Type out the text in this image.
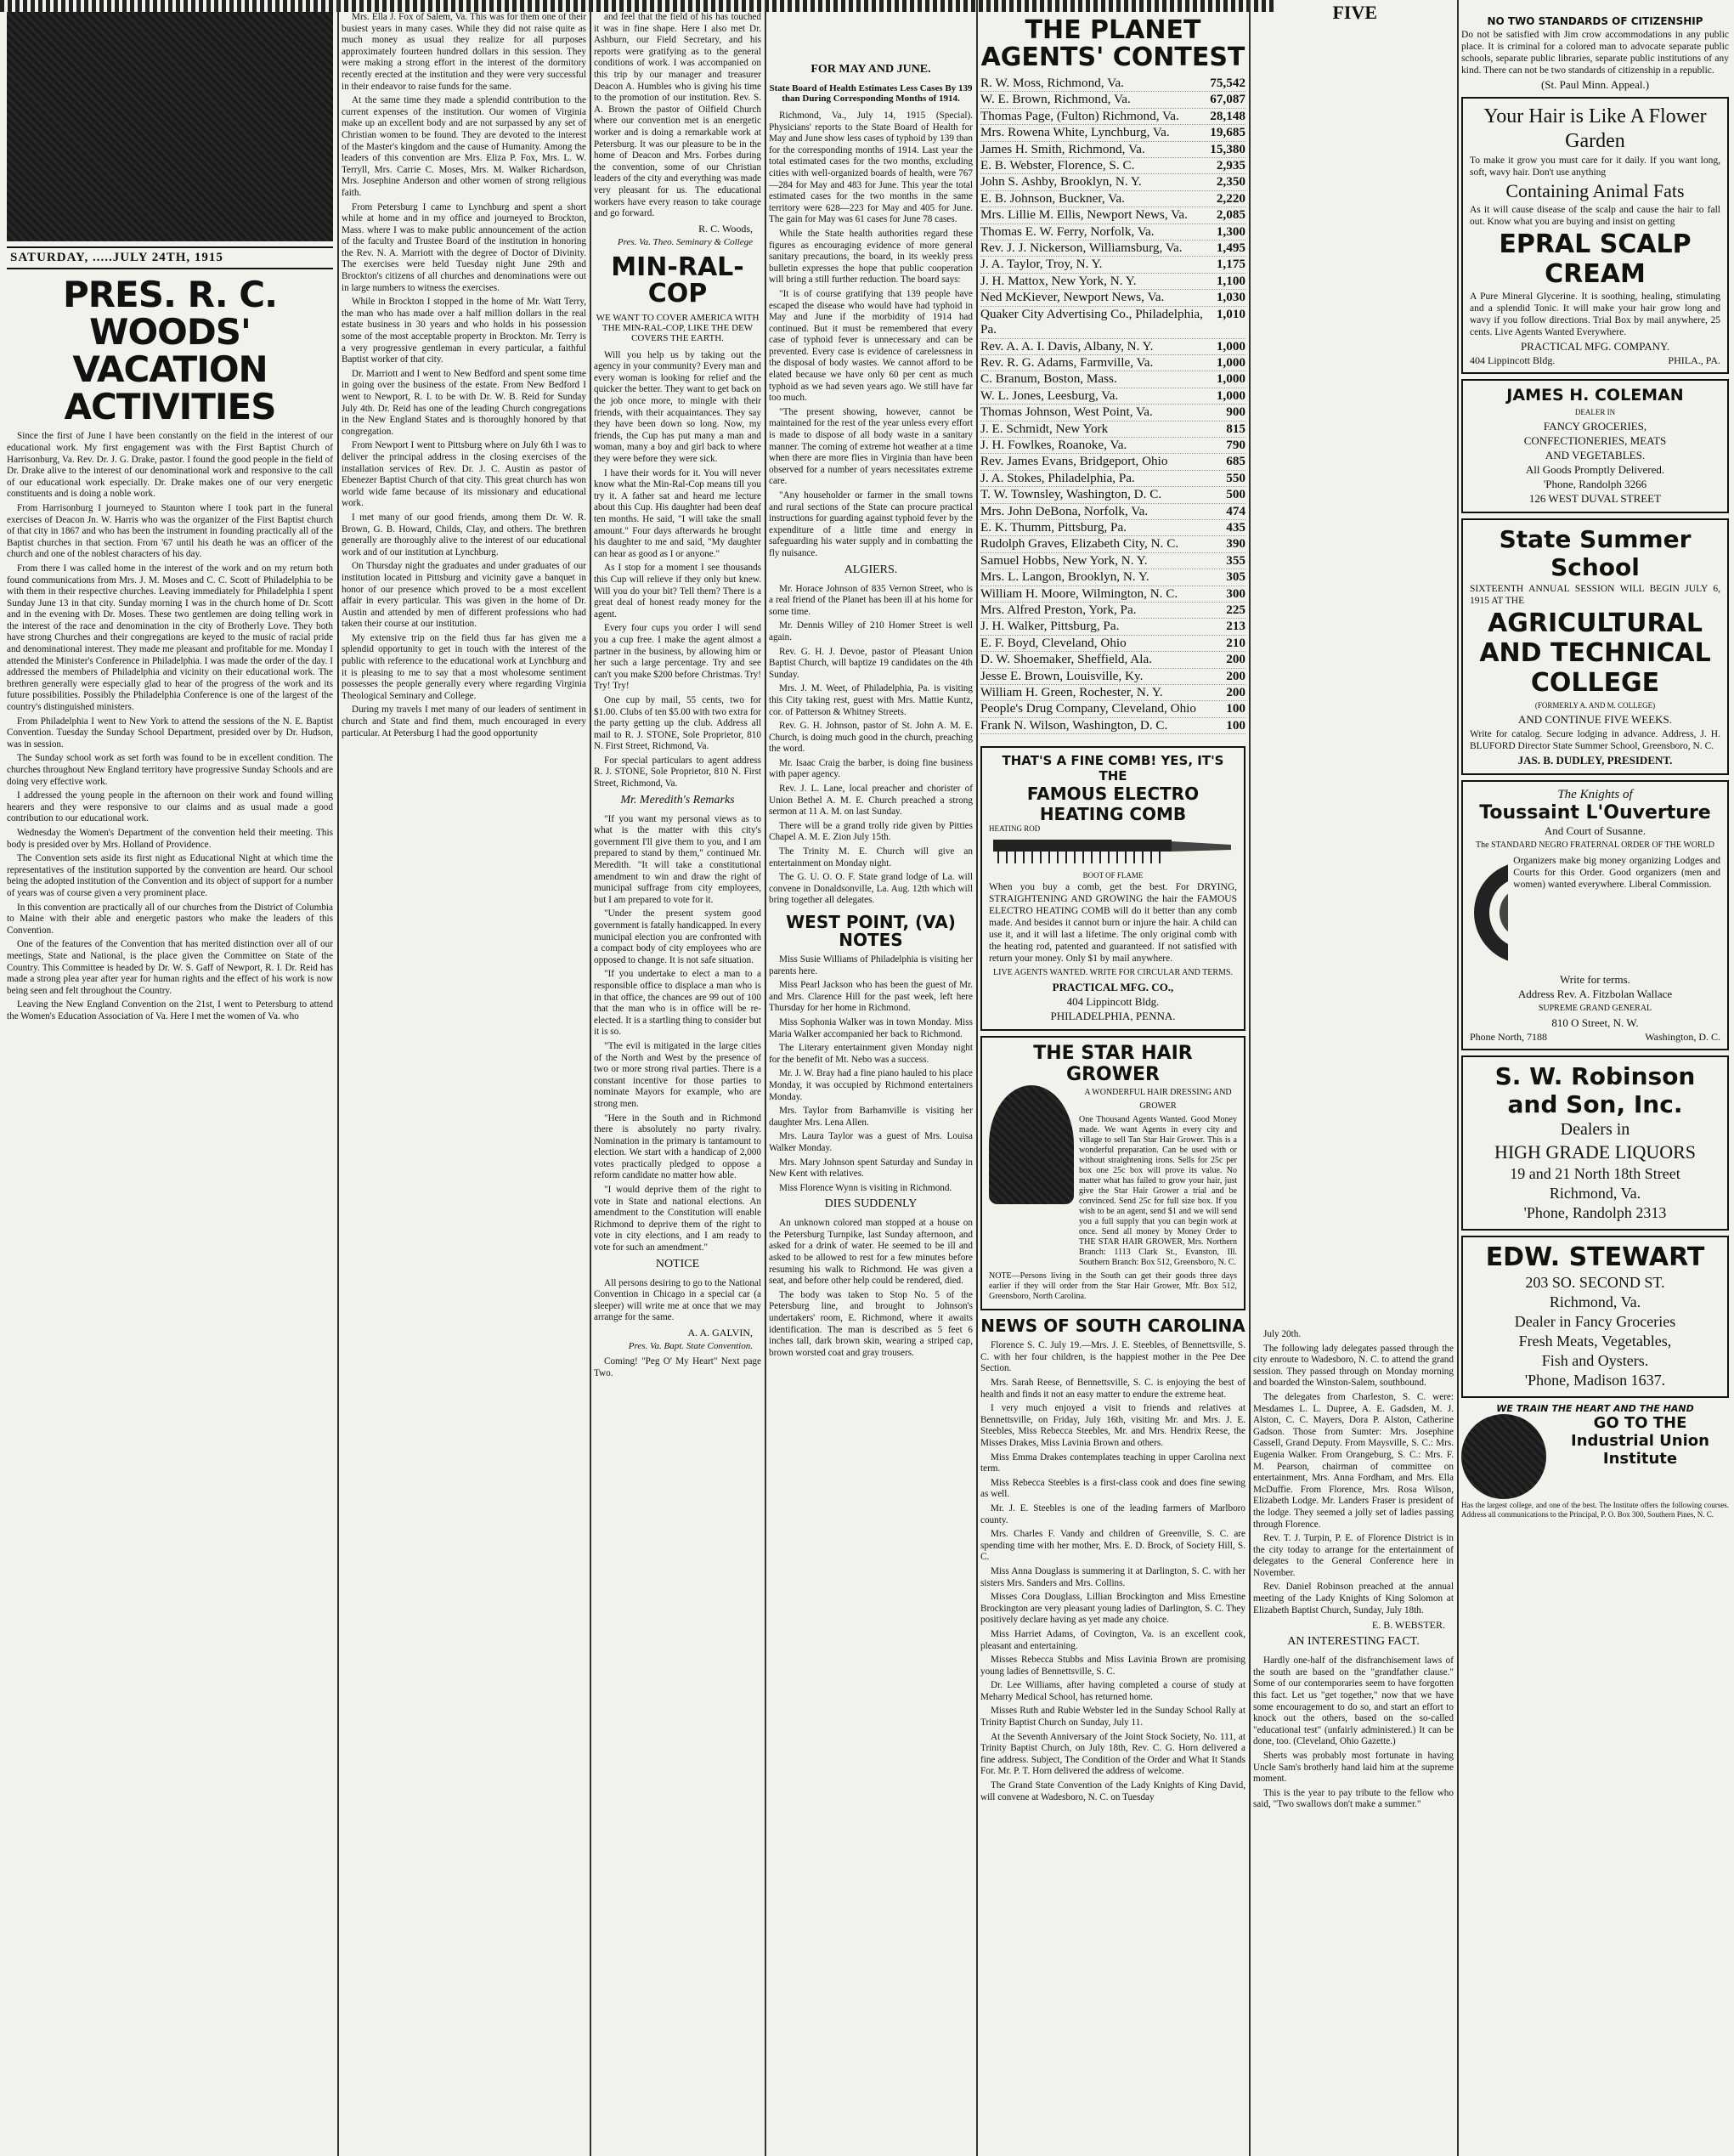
FIVE
SATURDAY, .....JULY 24TH, 1915
PRES. R. C. WOODS' VACATION ACTIVITIES

Since the first of June I have been constantly on the field in the interest of our educational work. My first engagement was with the First Baptist Church of Harrisonburg, Va. Rev. Dr. J. G. Drake, pastor. I found the good people in the field of Dr. Drake alive to the interest of our denominational work and responsive to the call of our educational work especially. Dr. Drake makes one of our very energetic constituents and is doing a noble work.

From Harrisonburg I journeyed to Staunton where I took part in the funeral exercises of Deacon Jn. W. Harris who was the organizer of the First Baptist church of that city in 1867 and who has been the instrument in founding practically all of the Baptist churches in that section. From '67 until his death he was an officer of the church and one of the noblest characters of his day.

From there I was called home in the interest of the work and on my return both found communications from Mrs. J. M. Moses and C. C. Scott of Philadelphia to be with them in their respective churches. Leaving immediately for Philadelphia I spent Sunday June 13 in that city. Sunday morning I was in the church home of Dr. Scott and in the evening with Dr. Moses. These two gentlemen are doing telling work in the interest of the race and denomination in the city of Brotherly Love. They both have strong Churches and their congregations are keyed to the music of racial pride and denominational interest. They made me pleasant and profitable for me. Monday I attended the Minister's Conference in Philadelphia. I was made the order of the day. I addressed the members of Philadelphia and vicinity on their educational work. The brethren generally were especially glad to hear of the progress of the work and its future possibilities. Possibly the Philadelphia Conference is one of the largest of the country's distinguished ministers.

From Philadelphia I went to New York to attend the sessions of the N. E. Baptist Convention. Tuesday the Sunday School Department, presided over by Dr. Hudson, was in session.

The Sunday school work as set forth was found to be in excellent condition. The churches throughout New England territory have progressive Sunday Schools and are doing very effective work.

I addressed the young people in the afternoon on their work and found willing hearers and they were responsive to our claims and as usual made a good contribution to our educational work.

Wednesday the Women's Department of the convention held their meeting. This body is presided over by Mrs. Holland of Providence.

The Convention sets aside its first night as Educational Night at which time the representatives of the institution supported by the convention are heard. Our school being the adopted institution of the Convention and its object of support for a number of years was of course given a very prominent place.

In this convention are practically all of our churches from the District of Columbia to Maine with their able and energetic pastors who make the leaders of this Convention.

One of the features of the Convention that has merited distinction over all of our meetings, State and National, is the place given the Committee on State of the Country. This Committee is headed by Dr. W. S. Gaff of Newport, R. I. Dr. Reid has made a strong plea year after year for human rights and the effect of his work is now being seen and felt throughout the Country.

Leaving the New England Convention on the 21st, I went to Petersburg to attend the Women's Education Association of Va. Here I met the women of Va. who

Mrs. Ella J. Fox of Salem, Va. This was for them one of their busiest years in many cases. While they did not raise quite as much money as usual they realize for all purposes approximately fourteen hundred dollars in this session. They were making a strong effort in the interest of the dormitory recently erected at the institution and they were very successful in their endeavor to raise funds for the same.

At the same time they made a splendid contribution to the current expenses of the institution. Our women of Virginia make up an excellent body and are not surpassed by any set of Christian women to be found. They are devoted to the interest of the Master's kingdom and the cause of Humanity. Among the leaders of this convention are Mrs. Eliza P. Fox, Mrs. L. W. Terryll, Mrs. Carrie C. Moses, Mrs. M. Walker Richardson, Mrs. Josephine Anderson and other women of strong religious faith.

From Petersburg I came to Lynchburg and spent a short while at home and in my office and journeyed to Brockton, Mass. where I was to make public announcement of the action of the faculty and Trustee Board of the institution in honoring the Rev. N. A. Marriott with the degree of Doctor of Divinity. The exercises were held Tuesday night June 29th and Brockton's citizens of all churches and denominations were out in large numbers to witness the exercises.

While in Brockton I stopped in the home of Mr. Watt Terry, the man who has made over a half million dollars in the real estate business in 30 years and who holds in his possession some of the most acceptable property in Brockton. Mr. Terry is a very progressive gentleman in every particular, a faithful Baptist worker of that city.

Dr. Marriott and I went to New Bedford and spent some time in going over the business of the estate. From New Bedford I went to Newport, R. I. to be with Dr. W. B. Reid for Sunday July 4th. Dr. Reid has one of the leading Church congregations in the New England States and is thoroughly honored by that congregation.

From Newport I went to Pittsburg where on July 6th I was to deliver the principal address in the closing exercises of the installation services of Rev. Dr. J. C. Austin as pastor of Ebenezer Baptist Church of that city. This great church has won world wide fame because of its missionary and educational work.

I met many of our good friends, among them Dr. W. R. Brown, G. B. Howard, Childs, Clay, and others. The brethren generally are thoroughly alive to the interest of our educational work and of our institution at Lynchburg.

On Thursday night the graduates and under graduates of our institution located in Pittsburg and vicinity gave a banquet in honor of our presence which proved to be a most excellent affair in every particular. This was given in the home of Dr. Austin and attended by men of different professions who had taken their course at our institution.

My extensive trip on the field thus far has given me a splendid opportunity to get in touch with the interest of the public with reference to the educational work at Lynchburg and it is pleasing to me to say that a most wholesome sentiment possesses the people generally every where regarding Virginia Theological Seminary and College.

During my travels I met many of our leaders of sentiment in church and State and find them, much encouraged in every particular. At Petersburg I had the good opportunity

and feel that the field of his has touched it was in fine shape. Here I also met Dr. Ashburn, our Field Secretary, and his reports were gratifying as to the general conditions of work. I was accompanied on this trip by our manager and treasurer Deacon A. Humbles who is giving his time to the promotion of our institution. Rev. S. A. Brown the pastor of Oilfield Church where our convention met is an energetic worker and is doing a remarkable work at Petersburg. It was our pleasure to be in the home of Deacon and Mrs. Forbes during the convention, some of our Christian leaders of the city and everything was made very pleasant for us. The educational workers have every reason to take courage and go forward.

R. C. Woods,
Pres. Va. Theo. Seminary & College
MIN-RAL-COP
WE WANT TO COVER AMERICA WITH THE MIN-RAL-COP, LIKE THE DEW COVERS THE EARTH.

Will you help us by taking out the agency in your community? Every man and every woman is looking for relief and the quicker the better. They want to get back on the job once more, to mingle with their friends, with their acquaintances. They say they have been down so long. Now, my friends, the Cup has put many a man and woman, many a boy and girl back to where they were before they were sick.

I have their words for it. You will never know what the Min-Ral-Cop means till you try it. A father sat and heard me lecture about this Cup. His daughter had been deaf ten months. He said, "I will take the small amount." Four days afterwards he brought his daughter to me and said, "My daughter can hear as good as I or anyone."

As I stop for a moment I see thousands this Cup will relieve if they only but knew. Will you do your bit? Tell them? There is a great deal of honest ready money for the agent.

Every four cups you order I will send you a cup free. I make the agent almost a partner in the business, by allowing him or her such a large percentage. Try and see can't you make $200 before Christmas. Try! Try! Try!

One cup by mail, 55 cents, two for $1.00. Clubs of ten $5.00 with two extra for the party getting up the club. Address all mail to R. J. STONE, Sole Proprietor, 810 N. First Street, Richmond, Va.

For special particulars to agent address R. J. STONE, Sole Proprietor, 810 N. First Street, Richmond, Va.

Mr. Meredith's Remarks

"If you want my personal views as to what is the matter with this city's government I'll give them to you, and I am prepared to stand by them," continued Mr. Meredith. "It will take a constitutional amendment to win and draw the right of municipal suffrage from city employees, but I am prepared to vote for it.

"Under the present system good government is fatally handicapped. In every municipal election you are confronted with a compact body of city employees who are opposed to change. It is not safe situation.

"If you undertake to elect a man to a responsible office to displace a man who is in that office, the chances are 99 out of 100 that the man who is in office will be re-elected. It is a startling thing to consider but it is so.

"The evil is mitigated in the large cities of the North and West by the presence of two or more strong rival parties. There is a constant incentive for those parties to nominate Mayors for example, who are strong men.

"Here in the South and in Richmond there is absolutely no party rivalry. Nomination in the primary is tantamount to election. We start with a handicap of 2,000 votes practically pledged to oppose a reform candidate no matter how able.

"I would deprive them of the right to vote in State and national elections. An amendment to the Constitution will enable Richmond to deprive them of the right to vote in city elections, and I am ready to vote for such an amendment."

NOTICE

All persons desiring to go to the National Convention in Chicago in a special car (a sleeper) will write me at once that we may arrange for the same.

A. A. GALVIN,
Pres. Va. Bapt. State Convention.

Coming! "Peg O' My Heart" Next page Two.

FOR MAY AND JUNE.
State Board of Health Estimates Less Cases By 139 than During Corresponding Months of 1914.

Richmond, Va., July 14, 1915 (Special). Physicians' reports to the State Board of Health for May and June show less cases of typhoid by 139 than for the corresponding months of 1914. Last year the total estimated cases for the two months, excluding cities with well-organized boards of health, were 767—284 for May and 483 for June. This year the total estimated cases for the two months in the same territory were 628—223 for May and 405 for June. The gain for May was 61 cases for June 78 cases.

While the State health authorities regard these figures as encouraging evidence of more general sanitary precautions, the board, in its weekly press bulletin expresses the hope that public cooperation will bring a still further reduction. The board says:

"It is of course gratifying that 139 people have escaped the disease who would have had typhoid in May and June if the morbidity of 1914 had continued. But it must be remembered that every case of typhoid fever is unnecessary and can be prevented. Every case is evidence of carelessness in the disposal of body wastes. We cannot afford to be elated because we have only 60 per cent as much typhoid as we had seven years ago. We still have far too much.

"The present showing, however, cannot be maintained for the rest of the year unless every effort is made to dispose of all body waste in a sanitary manner. The coming of extreme hot weather at a time when there are more flies in Virginia than have been observed for a number of years necessitates extreme care.

"Any householder or farmer in the small towns and rural sections of the State can procure practical instructions for guarding against typhoid fever by the expenditure of a little time and energy in safeguarding his water supply and in combatting the fly nuisance.

ALGIERS.

Mr. Horace Johnson of 835 Vernon Street, who is a real friend of the Planet has been ill at his home for some time.

Mr. Dennis Willey of 210 Homer Street is well again.

Rev. G. H. J. Devoe, pastor of Pleasant Union Baptist Church, will baptize 19 candidates on the 4th Sunday.

Mrs. J. M. Weet, of Philadelphia, Pa. is visiting this City taking rest, guest with Mrs. Mattie Kuntz, cor. of Patterson & Whitney Streets.

Rev. G. H. Johnson, pastor of St. John A. M. E. Church, is doing much good in the church, preaching the word.

Mr. Isaac Craig the barber, is doing fine business with paper agency.

Rev. J. L. Lane, local preacher and chorister of Union Bethel A. M. E. Church preached a strong sermon at 11 A. M. on last Sunday.

There will be a grand trolly ride given by Pitties Chapel A. M. E. Zion July 15th.

The Trinity M. E. Church will give an entertainment on Monday night.

The G. U. O. O. F. State grand lodge of La. will convene in Donaldsonville, La. Aug. 12th which will bring together all delegates.

WEST POINT, (VA) NOTES

Miss Susie Williams of Philadelphia is visiting her parents here.

Miss Pearl Jackson who has been the guest of Mr. and Mrs. Clarence Hill for the past week, left here Thursday for her home in Richmond.

Miss Sophonia Walker was in town Monday. Miss Maria Walker accompanied her back to Richmond.

The Literary entertainment given Monday night for the benefit of Mt. Nebo was a success.

Mr. J. W. Bray had a fine piano hauled to his place Monday, it was occupied by Richmond entertainers Monday.

Mrs. Taylor from Barhamville is visiting her daughter Mrs. Lena Allen.

Mrs. Laura Taylor was a guest of Mrs. Louisa Walker Monday.

Mrs. Mary Johnson spent Saturday and Sunday in New Kent with relatives.

Miss Florence Wynn is visiting in Richmond.

DIES SUDDENLY

An unknown colored man stopped at a house on the Petersburg Turnpike, last Sunday afternoon, and asked for a drink of water. He seemed to be ill and asked to be allowed to rest for a few minutes before resuming his walk to Richmond. He was given a seat, and before other help could be rendered, died.

The body was taken to Stop No. 5 of the Petersburg line, and brought to Johnson's undertakers' room, E. Richmond, where it awaits identification. The man is described as 5 feet 6 inches tall, dark brown skin, wearing a striped cap, brown worsted coat and gray trousers.

THE PLANET AGENTS' CONTEST
R. W. Moss, Richmond, Va.	75,542
W. E. Brown, Richmond, Va.	67,087
Thomas Page, (Fulton) Richmond, Va.	28,148
Mrs. Rowena White, Lynchburg, Va.	19,685
James H. Smith, Richmond, Va.	15,380
E. B. Webster, Florence, S. C.	2,935
John S. Ashby, Brooklyn, N. Y.	2,350
E. B. Johnson, Buckner, Va.	2,220
Mrs. Lillie M. Ellis, Newport News, Va.	2,085
Thomas E. W. Ferry, Norfolk, Va.	1,300
Rev. J. J. Nickerson, Williamsburg, Va.	1,495
J. A. Taylor, Troy, N. Y.	1,175
J. H. Mattox, New York, N. Y.	1,100
Ned McKiever, Newport News, Va.	1,030
Quaker City Advertising Co., Philadelphia, Pa.
1,010
Rev. A. A. I. Davis, Albany, N. Y.	1,000
Rev. R. G. Adams, Farmville, Va.	1,000
C. Branum, Boston, Mass.	1,000
W. L. Jones, Leesburg, Va.	1,000
Thomas Johnson, West Point, Va.	900
J. E. Schmidt, New York	815
J. H. Fowlkes, Roanoke, Va.	790
Rev. James Evans, Bridgeport, Ohio	685
J. A. Stokes, Philadelphia, Pa.	550
T. W. Townsley, Washington, D. C.	500
Mrs. John DeBona, Norfolk, Va.	474
E. K. Thumm, Pittsburg, Pa.	435
Rudolph Graves, Elizabeth City, N. C.	390
Samuel Hobbs, New York, N. Y.	355
Mrs. L. Langon, Brooklyn, N. Y.	305
William H. Moore, Wilmington, N. C.	300
Mrs. Alfred Preston, York, Pa.	225
J. H. Walker, Pittsburg, Pa.	213
E. F. Boyd, Cleveland, Ohio	210
D. W. Shoemaker, Sheffield, Ala.	200
Jesse E. Brown, Louisville, Ky.	200
William H. Green, Rochester, N. Y.	200
People's Drug Company, Cleveland, Ohio	100
Frank N. Wilson, Washington, D. C.	100
THAT'S A FINE COMB! YES, IT'S THE
FAMOUS ELECTRO HEATING COMB
HEATING ROD
BOOT OF FLAME

When you buy a comb, get the best. For DRYING, STRAIGHTENING AND GROWING the hair the FAMOUS ELECTRO HEATING COMB will do it better than any comb made. And besides it cannot burn or injure the hair. A child can use it, and it will last a lifetime. The only original comb with the heating rod, patented and guaranteed. If not satisfied with return your money. Only $1 by mail anywhere.

LIVE AGENTS WANTED. WRITE FOR CIRCULAR AND TERMS.
PRACTICAL MFG. CO.,
404 Lippincott Bldg.
PHILADELPHIA, PENNA.
THE STAR HAIR GROWER
A WONDERFUL HAIR DRESSING AND GROWER

One Thousand Agents Wanted. Good Money made. We want Agents in every city and village to sell Tan Star Hair Grower. This is a wonderful preparation. Can be used with or without straightening irons. Sells for 25c per box one 25c box will prove its value. No matter what has failed to grow your hair, just give the Star Hair Grower a trial and be convinced. Send 25c for full size box. If you wish to be an agent, send $1 and we will send you a full supply that you can begin work at once. Send all money by Money Order to THE STAR HAIR GROWER, Mrs. Northern Branch: 1113 Clark St., Evanston, Ill. Southern Branch: Box 512, Greensboro, N. C.

NOTE—Persons living in the South can get their goods three days earlier if they will order from the Star Hair Grower, Mfr. Box 512, Greensboro, North Carolina.

NEWS OF SOUTH CAROLINA

Florence S. C. July 19.—Mrs. J. E. Steebles, of Bennettsville, S. C. with her four children, is the happiest mother in the Pee Dee Section.

Mrs. Sarah Reese, of Bennettsville, S. C. is enjoying the best of health and finds it not an easy matter to endure the extreme heat.

I very much enjoyed a visit to friends and relatives at Bennettsville, on Friday, July 16th, visiting Mr. and Mrs. J. E. Steebles, Miss Rebecca Steebles, Mr. and Mrs. Hendrix Reese, the Misses Drakes, Miss Lavinia Brown and others.

Miss Emma Drakes contemplates teaching in upper Carolina next term.

Miss Rebecca Steebles is a first-class cook and does fine sewing as well.

Mr. J. E. Steebles is one of the leading farmers of Marlboro county.

Mrs. Charles F. Vandy and children of Greenville, S. C. are spending time with her mother, Mrs. E. D. Brock, of Society Hill, S. C.

Miss Anna Douglass is summering it at Darlington, S. C. with her sisters Mrs. Sanders and Mrs. Collins.

Misses Cora Douglass, Lillian Brockington and Miss Ernestine Brockington are very pleasant young ladies of Darlington, S. C. They positively declare having as yet made any choice.

Miss Harriet Adams, of Covington, Va. is an excellent cook, pleasant and entertaining.

Misses Rebecca Stubbs and Miss Lavinia Brown are promising young ladies of Bennettsville, S. C.

Dr. Lee Williams, after having completed a course of study at Meharry Medical School, has returned home.

Misses Ruth and Rubie Webster led in the Sunday School Rally at Trinity Baptist Church on Sunday, July 11.

At the Seventh Anniversary of the Joint Stock Society, No. 111, at Trinity Baptist Church, on July 18th, Rev. C. G. Horn delivered a fine address. Subject, The Condition of the Order and What It Stands For. Mr. P. T. Horn delivered the address of welcome.

The Grand State Convention of the Lady Knights of King David, will convene at Wadesboro, N. C. on Tuesday

July 20th.

The following lady delegates passed through the city enroute to Wadesboro, N. C. to attend the grand session. They passed through on Monday morning and boarded the Winston-Salem, southbound.

The delegates from Charleston, S. C. were: Mesdames L. L. Dupree, A. E. Gadsden, M. J. Alston, C. C. Mayers, Dora P. Alston, Catherine Gadson. Those from Sumter: Mrs. Josephine Cassell, Grand Deputy. From Maysville, S. C.: Mrs. Eugenia Walker. From Orangeburg, S. C.: Mrs. F. M. Pearson, chairman of committee on entertainment, Mrs. Anna Fordham, and Mrs. Ella McDuffie. From Florence, Mrs. Rosa Wilson, Elizabeth Lodge. Mr. Landers Fraser is president of the lodge. They seemed a jolly set of ladies passing through Florence.

Rev. T. J. Turpin, P. E. of Florence District is in the city today to arrange for the entertainment of delegates to the General Conference here in November.

Rev. Daniel Robinson preached at the annual meeting of the Lady Knights of King Solomon at Elizabeth Baptist Church, Sunday, July 18th.

E. B. WEBSTER.
AN INTERESTING FACT.

Hardly one-half of the disfranchisement laws of the south are based on the "grandfather clause." Some of our contemporaries seem to have forgotten this fact. Let us "get together," now that we have some encouragement to do so, and start an effort to knock out the others, based on the so-called "educational test" (unfairly administered.) It can be done, too. (Cleveland, Ohio Gazette.)

Sherts was probably most fortunate in having Uncle Sam's brotherly hand laid him at the supreme moment.

This is the year to pay tribute to the fellow who said, "Two swallows don't make a summer."

NO TWO STANDARDS OF CITIZENSHIP

Do not be satisfied with Jim crow accommodations in any public place. It is criminal for a colored man to advocate separate public schools, separate public libraries, separate public institutions of any kind. There can not be two standards of citizenship in a republic.

(St. Paul Minn. Appeal.)
Your Hair is Like A Flower
Garden

To make it grow you must care for it daily. If you want long, soft, wavy hair. Don't use anything

Containing Animal Fats

As it will cause disease of the scalp and cause the hair to fall out. Know what you are buying and insist on getting

EPRAL SCALP CREAM

A Pure Mineral Glycerine. It is soothing, healing, stimulating and a splendid Tonic. It will make your hair grow long and wavy if you follow directions. Trial Box by mail anywhere, 25 cents. Live Agents Wanted Everywhere.

PRACTICAL MFG. COMPANY.
404 Lippincott Bldg.	PHILA., PA.
JAMES H. COLEMAN
DEALER IN
FANCY GROCERIES,
CONFECTIONERIES, MEATS
AND VEGETABLES.
All Goods Promptly Delivered.
'Phone, Randolph 3266
126 WEST DUVAL STREET
State Summer School

SIXTEENTH ANNUAL SESSION WILL BEGIN JULY 6, 1915 AT THE

AGRICULTURAL AND TECHNICAL COLLEGE
(FORMERLY A. AND M. COLLEGE)
AND CONTINUE FIVE WEEKS.

Write for catalog. Secure lodging in advance. Address, J. H. BLUFORD Director State Summer School, Greensboro, N. C.

JAS. B. DUDLEY, PRESIDENT.
The Knights of
Toussaint L'Ouverture
And Court of Susanne.
The STANDARD NEGRO FRATERNAL ORDER OF THE WORLD

Organizers make big money organizing Lodges and Courts for this Order. Good organizers (men and women) wanted everywhere. Liberal Commission.

Write for terms.
Address Rev. A. Fitzbolan Wallace
SUPREME GRAND GENERAL
810 O Street, N. W.
Phone North, 7188	Washington, D. C.
S. W. Robinson and Son, Inc.
Dealers in
HIGH GRADE LIQUORS
19 and 21 North 18th Street
Richmond, Va.
'Phone, Randolph 2313
EDW. STEWART
203 SO. SECOND ST.
Richmond, Va.
Dealer in Fancy Groceries
Fresh Meats, Vegetables,
Fish and Oysters.
'Phone, Madison 1637.
WE TRAIN THE HEART AND THE HAND
GO TO THE
Industrial Union Institute

Has the largest college, and one of the best. The Institute offers the following courses. Address all communications to the Principal, P. O. Box 300, Southern Pines, N. C.
